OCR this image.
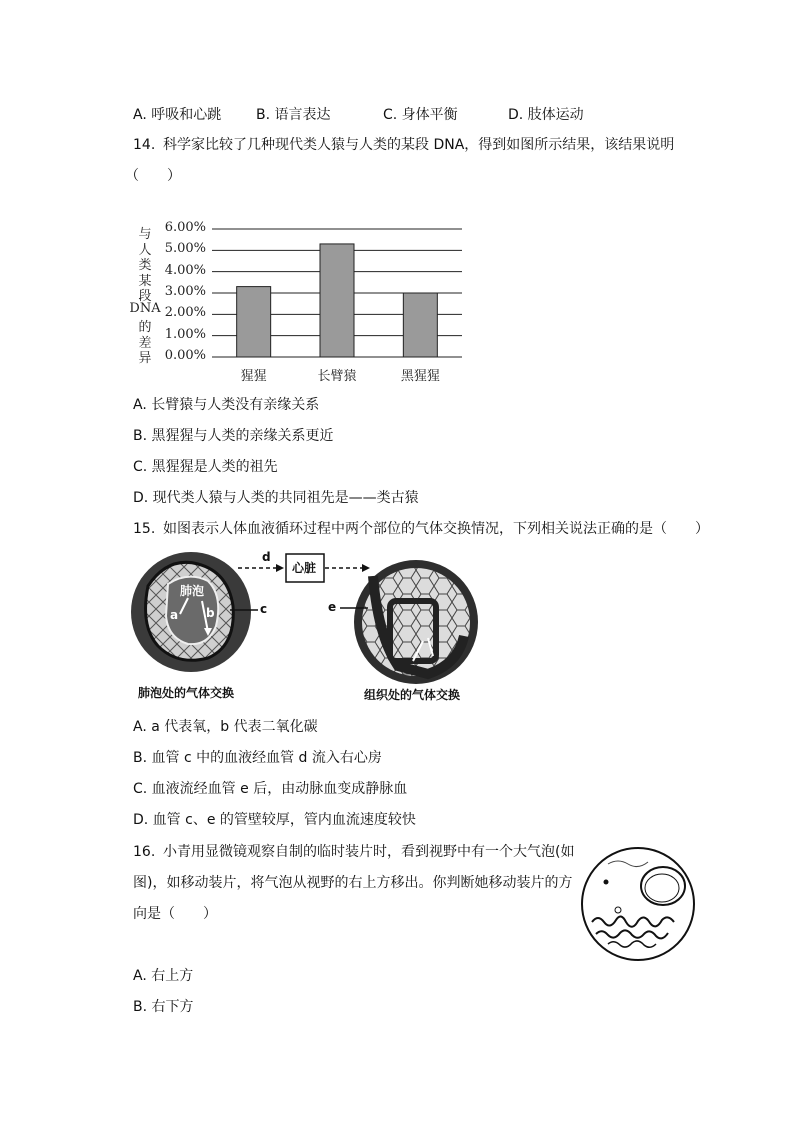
A. 呼吸和心跳 B. 语言表达	C. 身体平衡	D. 肢体运动
14. 科学家比较了几种现代类人猿与人类的某段 DNA，得到如图所示结果，该结果说明
（　　）
与
人
类
某
段
DNA
的
差
异	0.00%
1.00%
2.00%
3.00%
4.00%
5.00%
6.00%
猩猩	长臂猿	黑猩猩
A. 长臂猿与人类没有亲缘关系
B. 黑猩猩与人类的亲缘关系更近
C. 黑猩猩是人类的祖先
D. 现代类人猿与人类的共同祖先是——类古猿
15. 如图表示人体血液循环过程中两个部位的气体交换情况，下列相关说法正确的是（　　）
肺泡
a b
心脏
d
c	e
肺泡处的气体交换	组织处的气体交换
A. a 代表氧，b 代表二氧化碳
B. 血管 c 中的血液经血管 d 流入右心房
C. 血液流经血管 e 后，由动脉血变成静脉血
D. 血管 c、e 的管壁较厚，管内血流速度较快
16. 小青用显微镜观察自制的临时装片时，看到视野中有一个大气泡(如
图)，如移动装片，将气泡从视野的右上方移出。你判断她移动装片的方
向是（　　）
A. 右上方
B. 右下方
